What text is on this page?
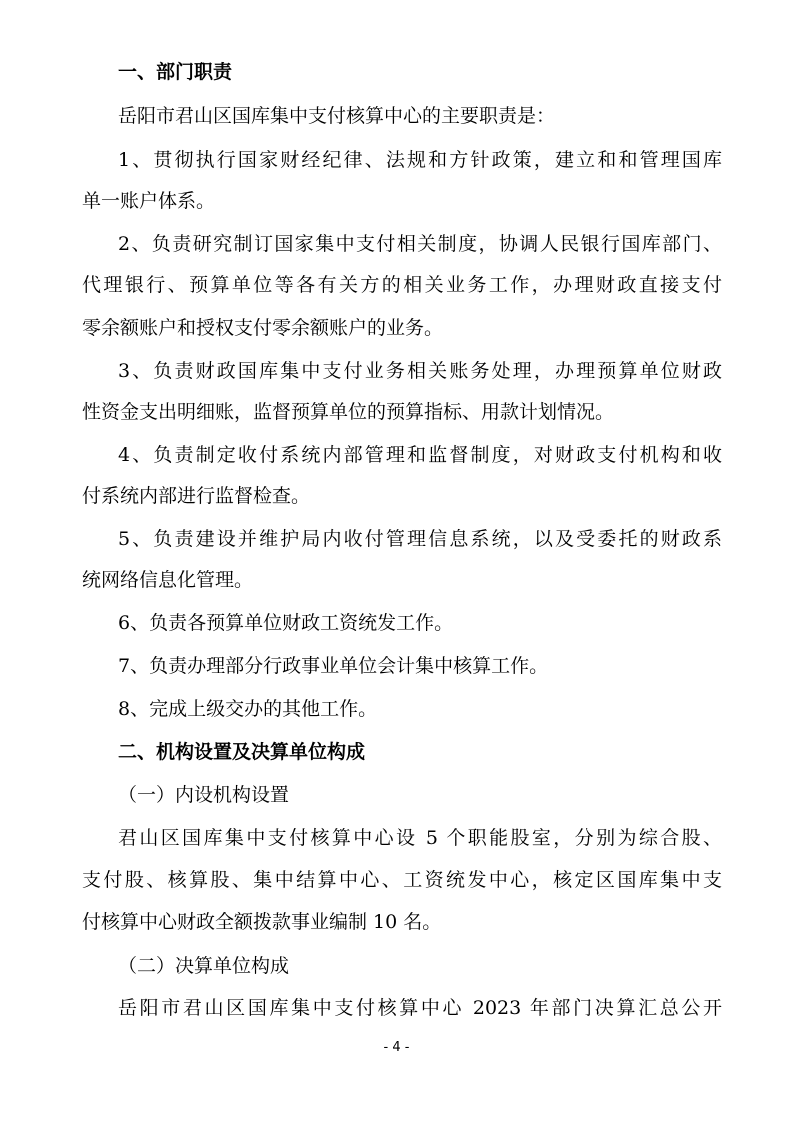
一、部门职责
岳阳市君山区国库集中支付核算中心的主要职责是：
1、贯彻执行国家财经纪律、法规和方针政策，建立和和管理国库
单一账户体系。
2、负责研究制订国家集中支付相关制度，协调人民银行国库部门、
代理银行、预算单位等各有关方的相关业务工作，办理财政直接支付
零余额账户和授权支付零余额账户的业务。
3、负责财政国库集中支付业务相关账务处理，办理预算单位财政
性资金支出明细账，监督预算单位的预算指标、用款计划情况。
4、负责制定收付系统内部管理和监督制度，对财政支付机构和收
付系统内部进行监督检查。
5、负责建设并维护局内收付管理信息系统，以及受委托的财政系
统网络信息化管理。
6、负责各预算单位财政工资统发工作。
7、负责办理部分行政事业单位会计集中核算工作。
8、完成上级交办的其他工作。
二、机构设置及决算单位构成
（一）内设机构设置
君山区国库集中支付核算中心设 5 个职能股室，分别为综合股、
支付股、核算股、集中结算中心、工资统发中心，核定区国库集中支
付核算中心财政全额拨款事业编制 10 名。
（二）决算单位构成
岳阳市君山区国库集中支付核算中心 2023 年部门决算汇总公开
- 4 -
